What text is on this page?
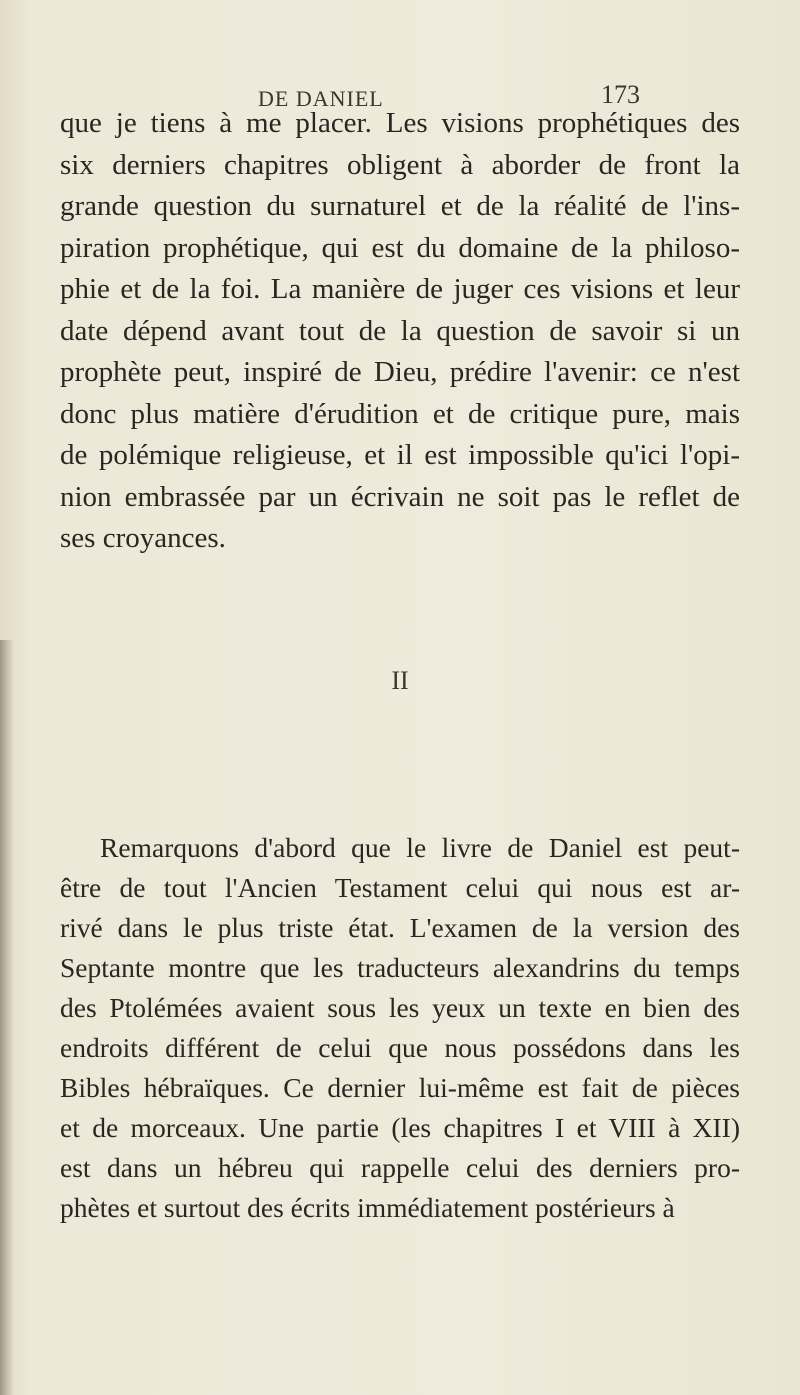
DE DANIEL	173

que je tiens à me placer. Les visions prophétiques des
six derniers chapitres obligent à aborder de front la
grande question du surnaturel et de la réalité de l'ins-
piration prophétique, qui est du domaine de la philoso-
phie et de la foi. La manière de juger ces visions et leur
date dépend avant tout de la question de savoir si un
prophète peut, inspiré de Dieu, prédire l'avenir: ce n'est
donc plus matière d'érudition et de critique pure, mais
de polémique religieuse, et il est impossible qu'ici l'opi-
nion embrassée par un écrivain ne soit pas le reflet de
ses croyances.

II

Remarquons d'abord que le livre de Daniel est peut-
être de tout l'Ancien Testament celui qui nous est ar-
rivé dans le plus triste état. L'examen de la version des
Septante montre que les traducteurs alexandrins du temps
des Ptolémées avaient sous les yeux un texte en bien des
endroits différent de celui que nous possédons dans les
Bibles hébraïques. Ce dernier lui-même est fait de pièces
et de morceaux. Une partie (les chapitres I et VIII à XII)
est dans un hébreu qui rappelle celui des derniers pro-
phètes et surtout des écrits immédiatement postérieurs à
